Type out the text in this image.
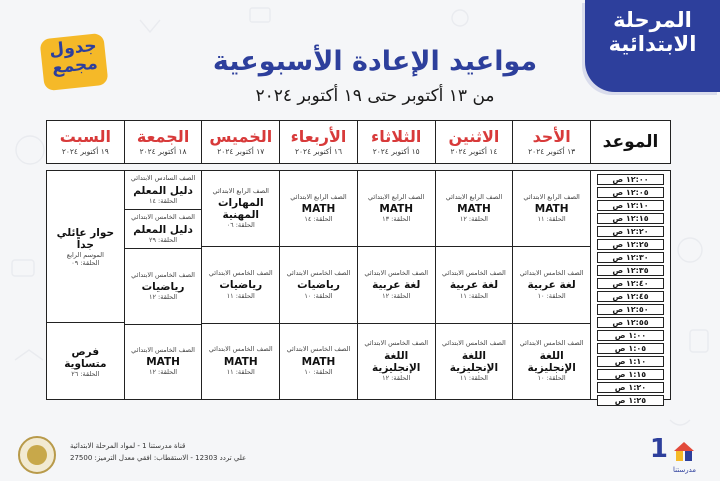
المرحلة
الابتدائية
جدول
مجمع	مواعيد الإعادة الأسبوعية
من ١٣ أكتوبر حتى ١٩ أكتوبر ٢٠٢٤
الموعد
الأحد
١٣ أكتوبر ٢٠٢٤
الاثنين
١٤ أكتوبر ٢٠٢٤
الثلاثاء
١٥ أكتوبر ٢٠٢٤
الأربعاء
١٦ أكتوبر ٢٠٢٤
الخميس
١٧ أكتوبر ٢٠٢٤
الجمعة
١٨ أكتوبر ٢٠٢٤
السبت
١٩ أكتوبر ٢٠٢٤
١٢:٠٠ ص
١٢:٠٥ ص
١٢:١٠ ص
١٢:١٥ ص
١٢:٢٠ ص
١٢:٢٥ ص
١٢:٣٠ ص
١٢:٣٥ ص
١٢:٤٠ ص
١٢:٤٥ ص
١٢:٥٠ ص
١٢:٥٥ ص
١:٠٠ ص
١:٠٥ ص
١:١٠ ص
١:١٥ ص
١:٢٠ ص
١:٢٥ ص
الصف الرابع الابتدائي
MATH
الحلقة: ١١
الصف الخامس الابتدائي
لغة عربية
الحلقة: ١٠
الصف الخامس الابتدائي
اللغة الإنجليزية
الحلقة: ١٠
الصف الرابع الابتدائي
MATH
الحلقة: ١٢
الصف الخامس الابتدائي
لغة عربية
الحلقة: ١١
الصف الخامس الابتدائي
اللغة الإنجليزية
الحلقة: ١١
الصف الرابع الابتدائي
MATH
الحلقة: ١٣
الصف الخامس الابتدائي
لغة عربية
الحلقة: ١٢
الصف الخامس الابتدائي
اللغة الإنجليزية
الحلقة: ١٢
الصف الرابع الابتدائي
MATH
الحلقة: ١٤
الصف الخامس الابتدائي
رياضيات
الحلقة: ١٠
الصف الخامس الابتدائي
MATH
الحلقة: ١٠
الصف الرابع الابتدائي
المهارات المهنية
الحلقة: ٠٦
الصف الخامس الابتدائي
رياضيات
الحلقة: ١١
الصف الخامس الابتدائي
MATH
الحلقة: ١١
الصف السادس الابتدائي
دليل المعلم
الحلقة: ١٤
الصف الخامس الابتدائي
دليل المعلم
الحلقة: ٢٩
الصف الخامس الابتدائي
رياضيات
الحلقة: ١٢
الصف الخامس الابتدائي
MATH
الحلقة: ١٢
حوار عائلي جداً
الموسم الرابع
الحلقة: ٠٩
فرص متساوية
الحلقة: ٢٦
قناة مدرستنا 1 - لمواد المرحلة الابتدائية
علي تردد 12303 - الاستقطاب: افقي معدل الترميز: 27500	1
مدرستنا
